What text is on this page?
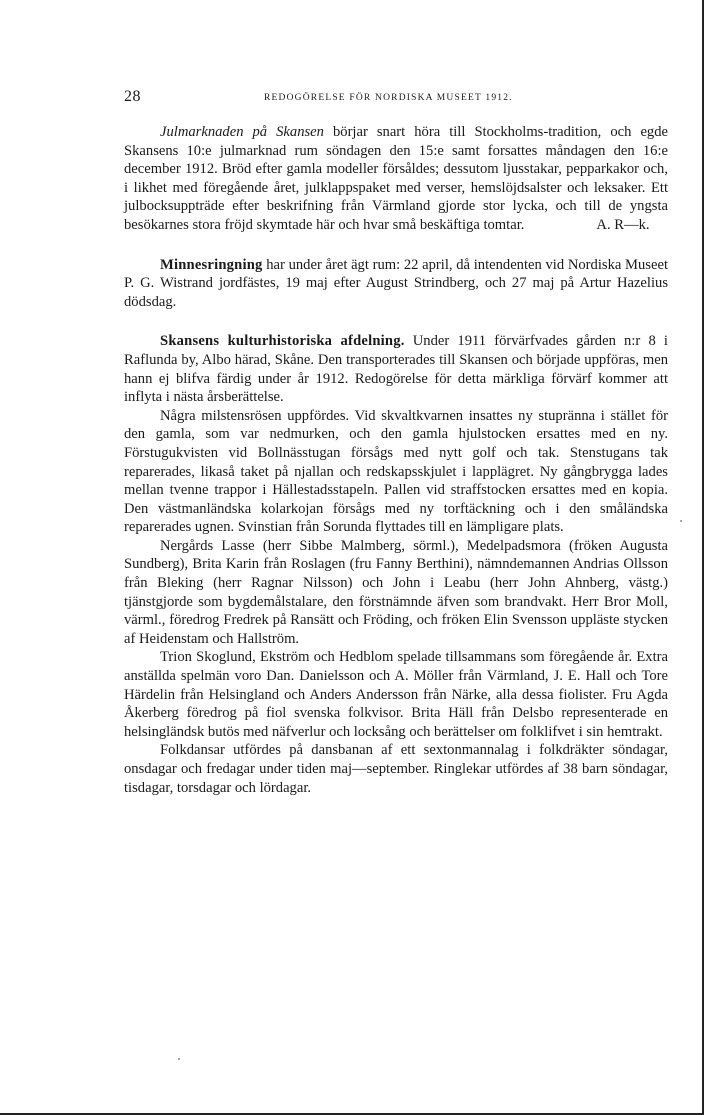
28	REDOGÖRELSE FÖR NORDISKA MUSEET 1912.

Julmarknaden på Skansen börjar snart höra till Stockholms-tradition, och egde Skansens 10:e julmarknad rum söndagen den 15:e samt forsattes måndagen den 16:e december 1912. Bröd efter gamla modeller försåldes; dessutom ljusstakar, pepparkakor och, i likhet med föregående året, julklappspaket med verser, hemslöjdsalster och leksaker. Ett julbocksuppträde efter beskrifning från Värmland gjorde stor lycka, och till de yngsta besökarnes stora fröjd skymtade här och hvar små beskäftiga tomtar.	A. R—k.

Minnesringning har under året ägt rum: 22 april, då intendenten vid Nordiska Museet P. G. Wistrand jordfästes, 19 maj efter August Strindberg, och 27 maj på Artur Hazelius dödsdag.

Skansens kulturhistoriska afdelning. Under 1911 förvärfvades gården n:r 8 i Raflunda by, Albo härad, Skåne. Den transporterades till Skansen och började uppföras, men hann ej blifva färdig under år 1912. Redogörelse för detta märkliga förvärf kommer att inflyta i nästa årsberättelse.

Några milstensrösen uppfördes. Vid skvaltkvarnen insattes ny stupränna i stället för den gamla, som var nedmurken, och den gamla hjulstocken ersattes med en ny. Förstugukvisten vid Bollnässtugan försågs med nytt golf och tak. Stenstugans tak reparerades, likaså taket på njallan och redskapsskjulet i lapplägret. Ny gångbrygga lades mellan tvenne trappor i Hällestadsstapeln. Pallen vid straffstocken ersattes med en kopia. Den västmanländska kolarkojan försågs med ny torftäckning och i den småländska reparerades ugnen. Svinstian från Sorunda flyttades till en lämpligare plats.

Nergårds Lasse (herr Sibbe Malmberg, sörml.), Medelpadsmora (fröken Augusta Sundberg), Brita Karin från Roslagen (fru Fanny Berthini), nämndemannen Andrias Ollsson från Bleking (herr Ragnar Nilsson) och John i Leabu (herr John Ahnberg, västg.) tjänstgjorde som bygdemålstalare, den förstnämnde äfven som brandvakt. Herr Bror Moll, värml., föredrog Fredrek på Ransätt och Fröding, och fröken Elin Svensson uppläste stycken af Heidenstam och Hallström.

Trion Skoglund, Ekström och Hedblom spelade tillsammans som föregående år. Extra anställda spelmän voro Dan. Danielsson och A. Möller från Värmland, J. E. Hall och Tore Härdelin från Helsingland och Anders Andersson från Närke, alla dessa fiolister. Fru Agda Åkerberg föredrog på fiol svenska folkvisor. Brita Häll från Delsbo representerade en helsingländsk butös med näfverlur och locksång och berättelser om folklifvet i sin hemtrakt.

Folkdansar utfördes på dansbanan af ett sextonmannalag i folkdräkter söndagar, onsdagar och fredagar under tiden maj—september. Ringlekar utfördes af 38 barn söndagar, tisdagar, torsdagar och lördagar.
